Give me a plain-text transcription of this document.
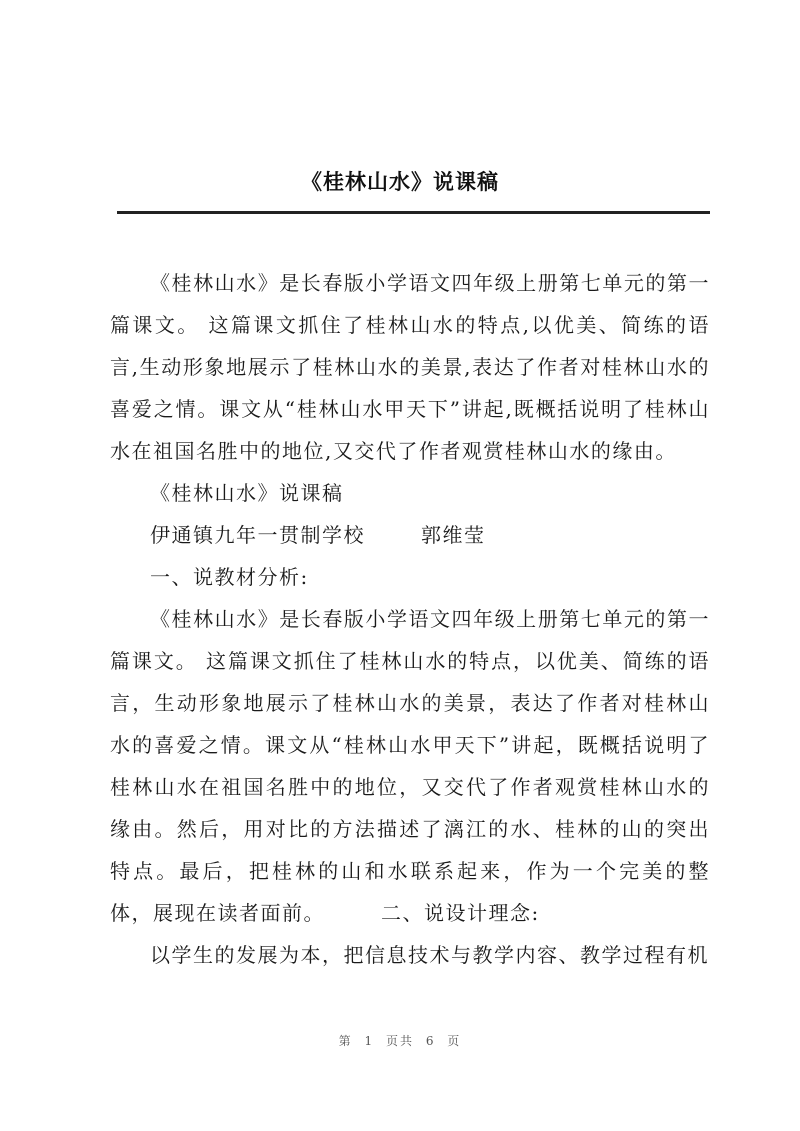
《桂林山水》说课稿

《桂林山水》是长春版小学语文四年级上册第七单元的第一篇课文。 这篇课文抓住了桂林山水的特点,以优美、简练的语言,生动形象地展示了桂林山水的美景,表达了作者对桂林山水的喜爱之情。课文从“桂林山水甲天下”讲起,既概括说明了桂林山水在祖国名胜中的地位,又交代了作者观赏桂林山水的缘由。

《桂林山水》说课稿

伊通镇九年一贯制学校	郭维莹

一、说教材分析:

《桂林山水》是长春版小学语文四年级上册第七单元的第一篇课文。 这篇课文抓住了桂林山水的特点，以优美、简练的语言，生动形象地展示了桂林山水的美景，表达了作者对桂林山水的喜爱之情。课文从“桂林山水甲天下”讲起，既概括说明了桂林山水在祖国名胜中的地位，又交代了作者观赏桂林山水的缘由。然后，用对比的方法描述了漓江的水、桂林的山的突出特点。最后，把桂林的山和水联系起来，作为一个完美的整体，展现在读者面前。	二、说设计理念:

以学生的发展为本，把信息技术与教学内容、教学过程有机

第 1 页共 6 页
